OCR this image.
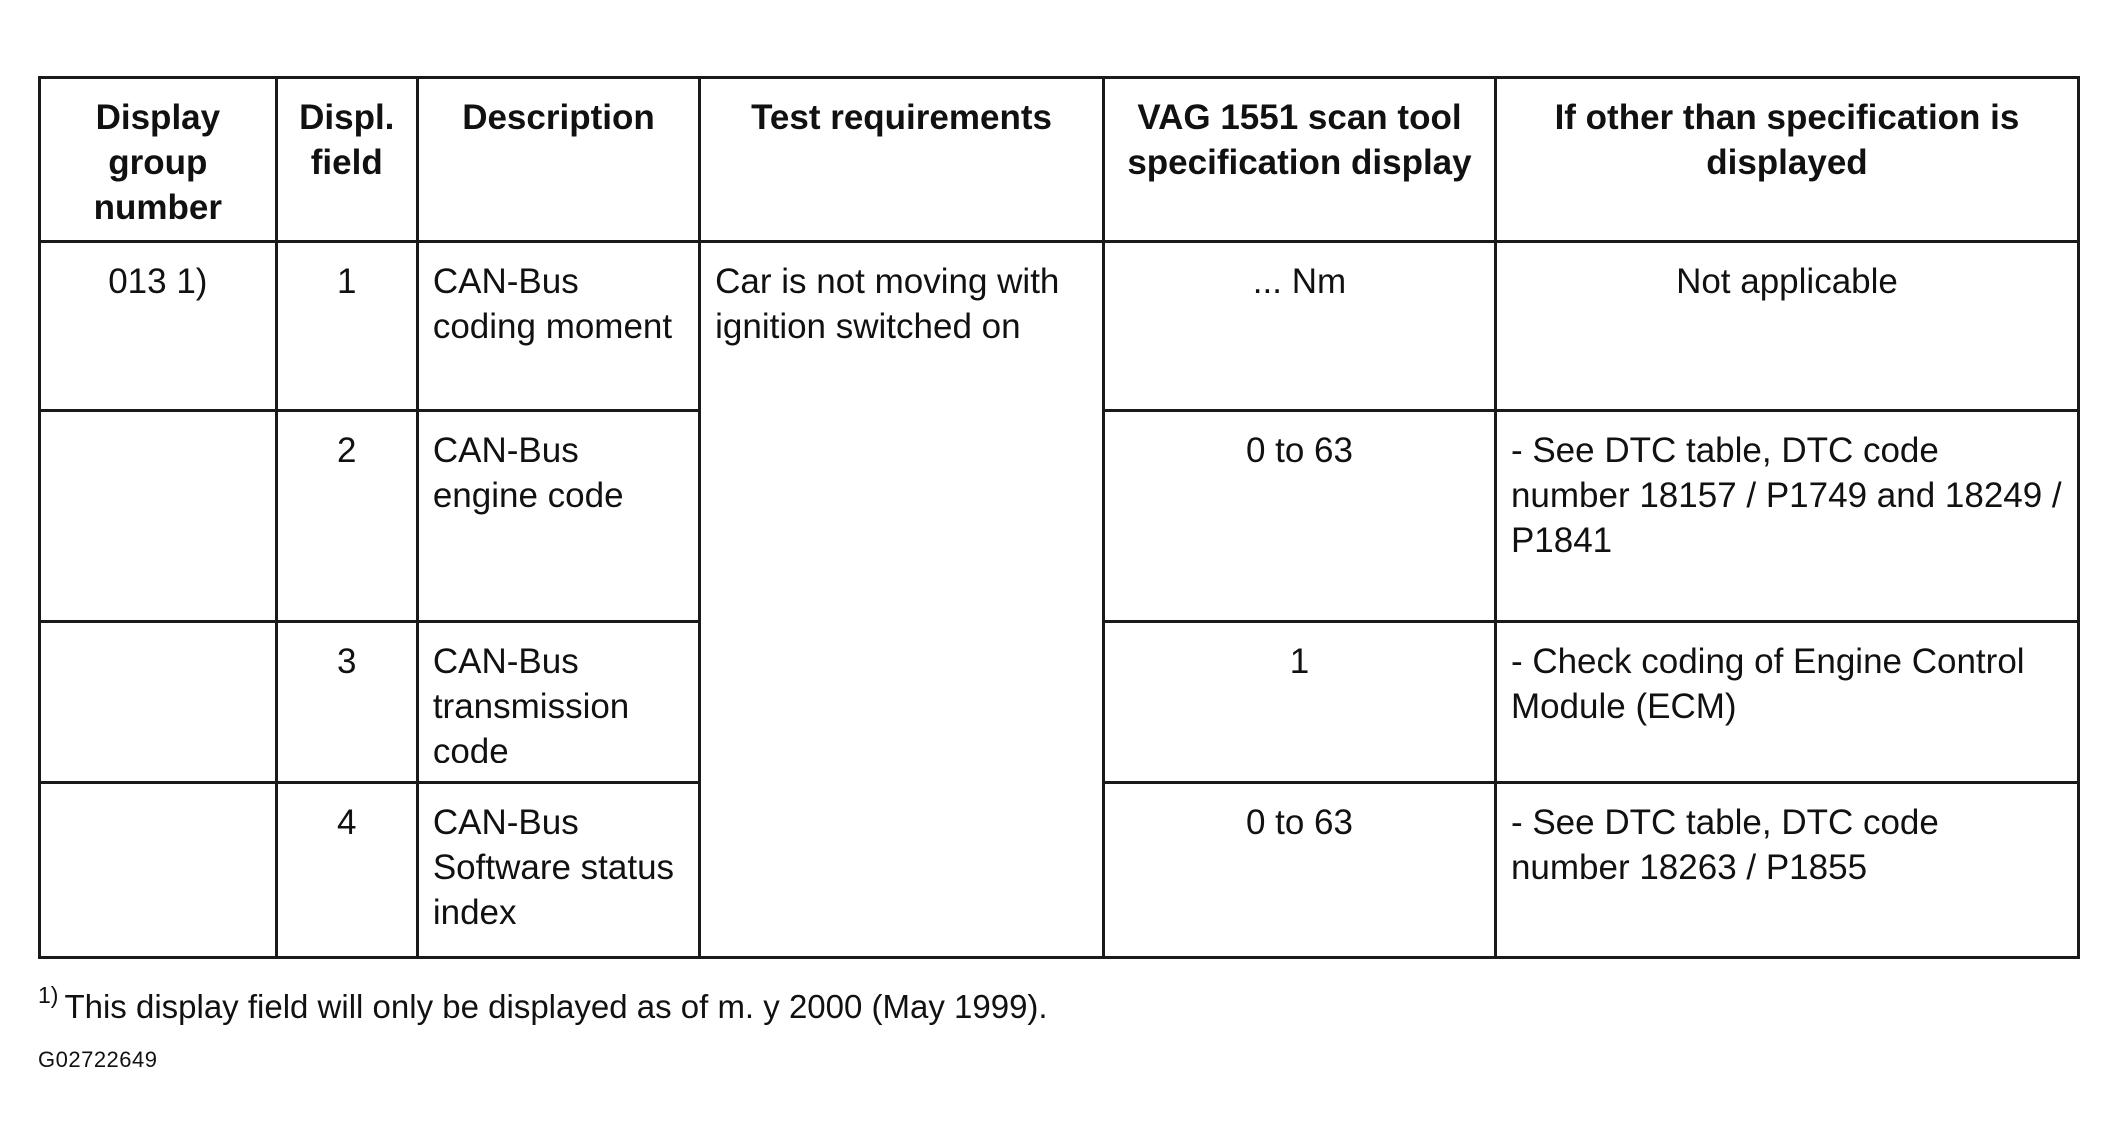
Display group number	Displ. field	Description	Test requirements	VAG 1551 scan tool specification display	If other than specification is displayed
013 1)	1	CAN-Bus coding moment	Car is not moving with ignition switched on	... Nm	Not applicable
	2	CAN-Bus engine code		0 to 63	- See DTC table, DTC code number 18157 / P1749 and 18249 / P1841
	3	CAN-Bus transmission code		1	- Check coding of Engine Control Module (ECM)
	4	CAN-Bus Software status index		0 to 63	- See DTC table, DTC code number 18263 / P1855
$^{1)}$ This display field will only be displayed as of m. y 2000 (May 1999).
G02722649
